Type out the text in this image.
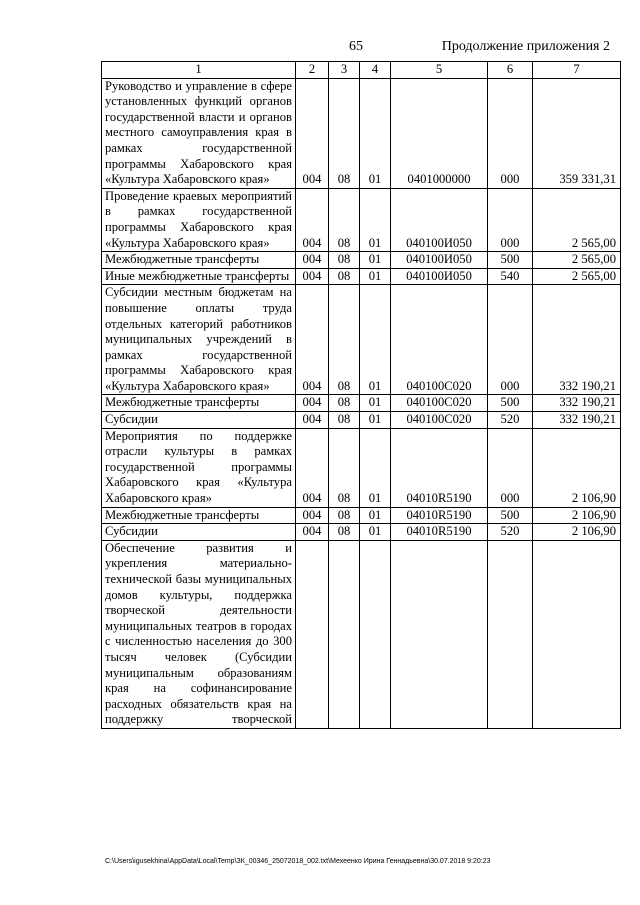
65	Продолжение приложения 2
1	2	3	4	5	6	7
Руководство и управление в сфере установленных функций органов государственной власти и органов местного самоуправления края в рамках государственной программы Хабаровского края «Культура Хабаровского края»	004	08	01	0401000000	000	359 331,31
Проведение краевых мероприятий в рамках государственной программы Хабаровского края «Культура Хабаровского края»	004	08	01	040100И050	000	2 565,00
Межбюджетные трансферты	004	08	01	040100И050	500	2 565,00
Иные межбюджетные трансферты	004	08	01	040100И050	540	2 565,00
Субсидии местным бюджетам на повышение оплаты труда отдельных категорий работников муниципальных учреждений в рамках государственной программы Хабаровского края «Культура Хабаровского края»	004	08	01	040100С020	000	332 190,21
Межбюджетные трансферты	004	08	01	040100С020	500	332 190,21
Субсидии	004	08	01	040100С020	520	332 190,21
Мероприятия по поддержке отрасли культуры в рамках государственной программы Хабаровского края «Культура Хабаровского края»	004	08	01	04010R5190	000	2 106,90
Межбюджетные трансферты	004	08	01	04010R5190	500	2 106,90
Субсидии	004	08	01	04010R5190	520	2 106,90
Обеспечение развития и укрепления материально-технической базы муниципальных домов культуры, поддержка творческой деятельности муниципальных театров в городах с численностью населения до 300 тысяч человек (Субсидии муниципальным образованиям края на софинансирование расходных обязательств края на поддержку творческой						
C:\Users\igusekhina\AppData\Local\Temp\ЗК_00346_25072018_002.txt\Мехеенко Ирина Геннадьевна\30.07.2018 9:20:23
